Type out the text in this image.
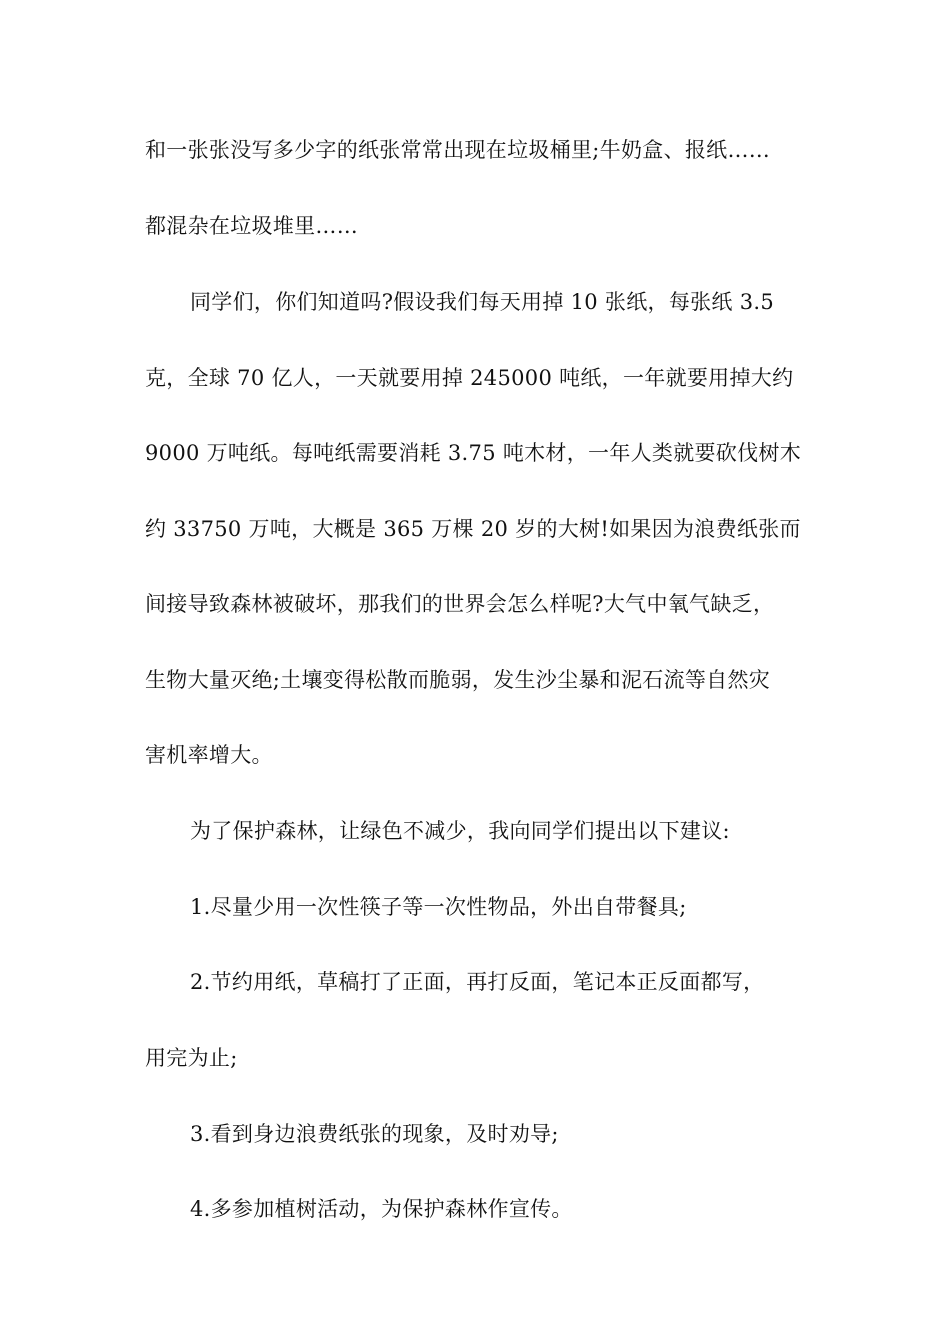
和一张张没写多少字的纸张常常出现在垃圾桶里;牛奶盒、报纸……
都混杂在垃圾堆里……
同学们，你们知道吗?假设我们每天用掉 10 张纸，每张纸 3.5
克，全球 70 亿人，一天就要用掉 245000 吨纸，一年就要用掉大约
9000 万吨纸。每吨纸需要消耗 3.75 吨木材，一年人类就要砍伐树木
约 33750 万吨，大概是 365 万棵 20 岁的大树!如果因为浪费纸张而
间接导致森林被破坏，那我们的世界会怎么样呢?大气中氧气缺乏，
生物大量灭绝;土壤变得松散而脆弱，发生沙尘暴和泥石流等自然灾
害机率增大。
为了保护森林，让绿色不减少，我向同学们提出以下建议:
1.尽量少用一次性筷子等一次性物品，外出自带餐具;
2.节约用纸，草稿打了正面，再打反面，笔记本正反面都写，
用完为止;
3.看到身边浪费纸张的现象，及时劝导;
4.多参加植树活动，为保护森林作宣传。
